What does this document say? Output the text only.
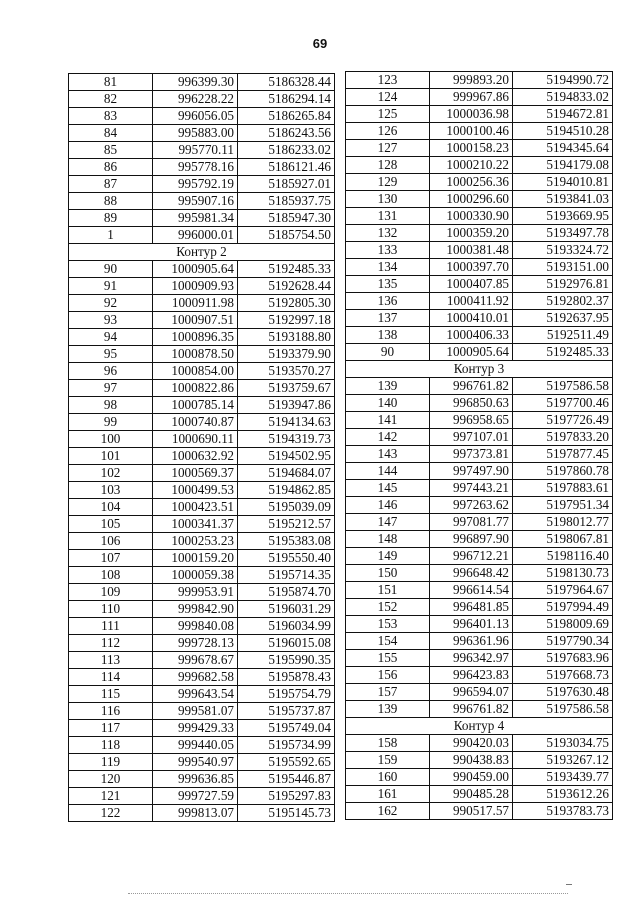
69
81	996399.30	5186328.44
82	996228.22	5186294.14
83	996056.05	5186265.84
84	995883.00	5186243.56
85	995770.11	5186233.02
86	995778.16	5186121.46
87	995792.19	5185927.01
88	995907.16	5185937.75
89	995981.34	5185947.30
1	996000.01	5185754.50
Контур 2		
90	1000905.64	5192485.33
91	1000909.93	5192628.44
92	1000911.98	5192805.30
93	1000907.51	5192997.18
94	1000896.35	5193188.80
95	1000878.50	5193379.90
96	1000854.00	5193570.27
97	1000822.86	5193759.67
98	1000785.14	5193947.86
99	1000740.87	5194134.63
100	1000690.11	5194319.73
101	1000632.92	5194502.95
102	1000569.37	5194684.07
103	1000499.53	5194862.85
104	1000423.51	5195039.09
105	1000341.37	5195212.57
106	1000253.23	5195383.08
107	1000159.20	5195550.40
108	1000059.38	5195714.35
109	999953.91	5195874.70
110	999842.90	5196031.29
111	999840.08	5196034.99
112	999728.13	5196015.08
113	999678.67	5195990.35
114	999682.58	5195878.43
115	999643.54	5195754.79
116	999581.07	5195737.87
117	999429.33	5195749.04
118	999440.05	5195734.99
119	999540.97	5195592.65
120	999636.85	5195446.87
121	999727.59	5195297.83
122	999813.07	5195145.73
123	999893.20	5194990.72
124	999967.86	5194833.02
125	1000036.98	5194672.81
126	1000100.46	5194510.28
127	1000158.23	5194345.64
128	1000210.22	5194179.08
129	1000256.36	5194010.81
130	1000296.60	5193841.03
131	1000330.90	5193669.95
132	1000359.20	5193497.78
133	1000381.48	5193324.72
134	1000397.70	5193151.00
135	1000407.85	5192976.81
136	1000411.92	5192802.37
137	1000410.01	5192637.95
138	1000406.33	5192511.49
90	1000905.64	5192485.33
Контур 3		
139	996761.82	5197586.58
140	996850.63	5197700.46
141	996958.65	5197726.49
142	997107.01	5197833.20
143	997373.81	5197877.45
144	997497.90	5197860.78
145	997443.21	5197883.61
146	997263.62	5197951.34
147	997081.77	5198012.77
148	996897.90	5198067.81
149	996712.21	5198116.40
150	996648.42	5198130.73
151	996614.54	5197964.67
152	996481.85	5197994.49
153	996401.13	5198009.69
154	996361.96	5197790.34
155	996342.97	5197683.96
156	996423.83	5197668.73
157	996594.07	5197630.48
139	996761.82	5197586.58
Контур 4		
158	990420.03	5193034.75
159	990438.83	5193267.12
160	990459.00	5193439.77
161	990485.28	5193612.26
162	990517.57	5193783.73
